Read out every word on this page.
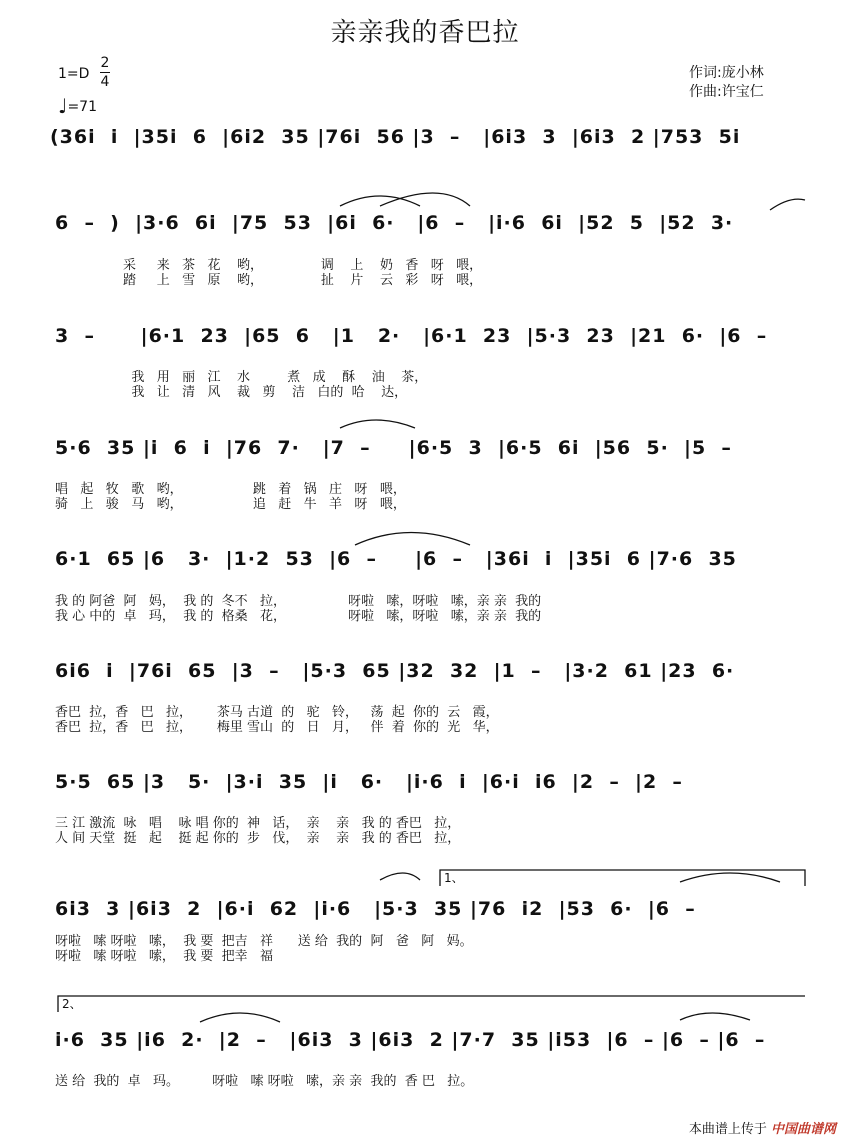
亲亲我的香巴拉
1=D
2
4
♩=71
作词:庞小林
作曲:许宝仁
(36i  i  |35i  6  |6i2  35 |76i  56 |3  –   |6i3  3  |6i3  2 |753  5i
6  –  )  |3·6  6i  |75  53  |6i  6·   |6  –   |i·6  6i  |52  5  |52  3·
采     来   茶   花    哟，              调    上    奶   香   呀   喂，
踏     上   雪   原    哟，              扯    片    云   彩   呀   喂，
3  –      |6·1  23  |65  6   |1   2·   |6·1  23  |5·3  23  |21  6·  |6  –
我   用   丽   江    水         煮   成    酥    油    茶，
我   让   清   风    裁   剪    洁   白的  哈    达，
5·6  35 |i  6  i  |76  7·   |7  –     |6·5  3  |6·5  6i  |56  5·  |5  –
唱   起   牧   歌   哟，                 跳   着   锅   庄   呀   喂，
骑   上   骏   马   哟，                 追   赶   牛   羊   呀   喂，
6·1  65 |6   3·  |1·2  53  |6  –     |6  –   |36i  i  |35i  6 |7·6  35
我 的 阿爸  阿   妈，  我 的  冬不   拉，               呀啦   嗦，呀啦   嗦，亲 亲  我的
我 心 中的  卓   玛，  我 的  格桑   花，               呀啦   嗦，呀啦   嗦，亲 亲  我的
6i6  i  |76i  65  |3  –   |5·3  65 |32  32  |1  –   |3·2  61 |23  6·
香巴  拉，香   巴   拉，      茶马 古道  的   驼   铃，   荡  起  你的  云   霞，
香巴  拉，香   巴   拉，      梅里 雪山  的   日   月，   伴  着  你的  光   华，
5·5  65 |3   5·  |3·i  35  |i   6·   |i·6  i  |6·i  i6  |2  –  |2  –
三 江 激流  咏   唱    咏 唱 你的  神   话，  亲    亲   我 的 香巴   拉，
人 间 天堂  挺   起    挺 起 你的  步   伐，  亲    亲   我 的 香巴   拉，
6i3  3 |6i3  2  |6·i  62  |i·6   |5·3  35 |76  i2  |53  6·  |6  –
呀啦   嗦 呀啦   嗦，  我 要  把吉   祥      送 给  我的  阿   爸   阿   妈。
呀啦   嗦 呀啦   嗦，  我 要  把幸   福
i·6  35 |i6  2·  |2  –   |6i3  3 |6i3  2 |7·7  35 |i53  |6  – |6  – |6  –
送 给  我的  卓   玛。        呀啦   嗦 呀啦   嗦，亲 亲  我的  香 巴   拉。
1、
2、
本曲谱上传于 中国曲谱网
